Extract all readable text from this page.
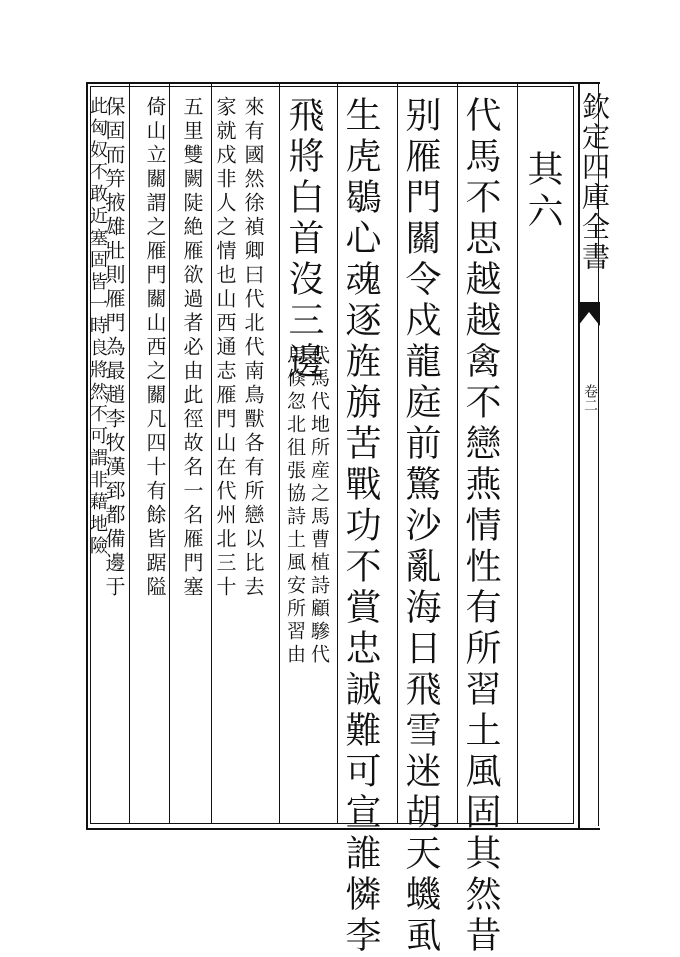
其六
代馬不思越越禽不戀燕情性有所習土風固其然昔
别雁門關令戍龍庭前驚沙亂海日飛雪迷胡天蟣虱
生虎鶡心魂逐旌旃苦戰功不賞忠誠難可宣誰憐李
飛將白首沒三邊
代馬代地所産之馬曹植詩顧驂代
馬倏忽北徂張協詩土風安所習由
來有國然徐禎卿曰代北代南鳥獸各有所戀以比去
家就戍非人之情也山西通志雁門山在代州北三十
五里雙闕陡絶雁欲過者必由此徑故名一名雁門塞
倚山立關謂之雁門關山西之關凡四十有餘皆踞隘
保固而笄掖雄壯則雁門為最趙李牧漢郅都備邊于
此匈奴不敢近塞固皆一時良將然不可謂非藉地險	欽定四庫全書
卷二
